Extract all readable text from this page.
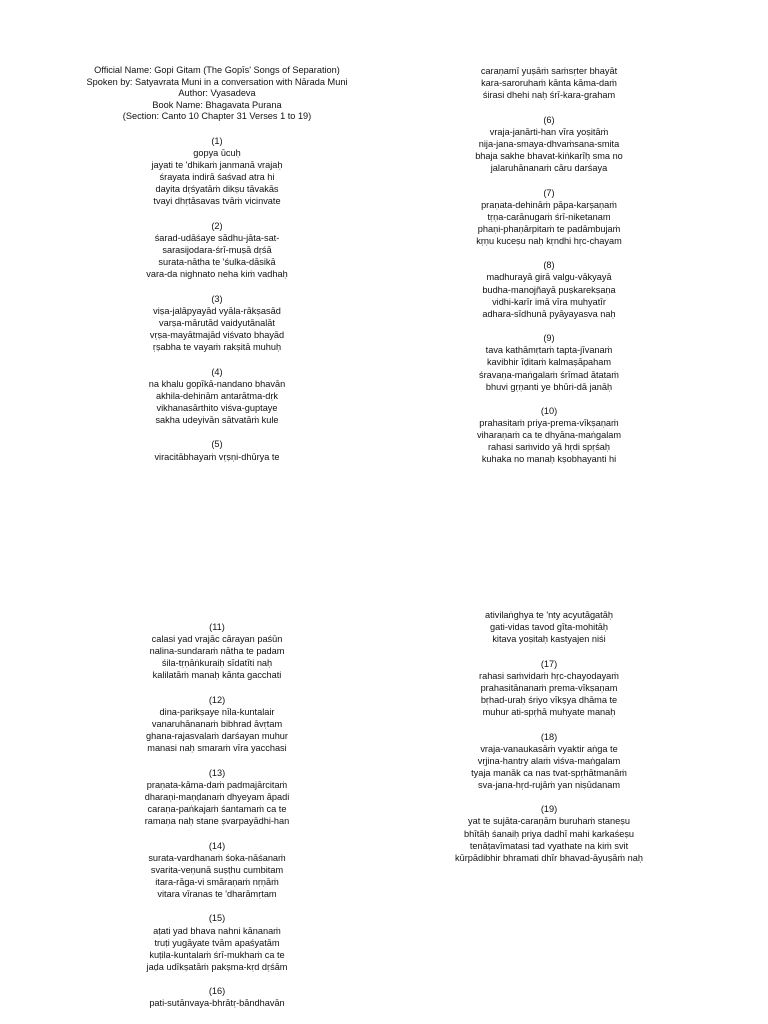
Official Name: Gopi Gitam (The Gopīs' Songs of Separation)
Spoken by: Satyavrata Muni in a conversation with Nārada Muni
Author: Vyasadeva
Book Name: Bhagavata Purana
(Section: Canto 10 Chapter 31 Verses 1 to 19)
(1)
gopya ūcuḥ
jayati te 'dhikaṁ janmanā vrajaḥ
śrayata indirā śaśvad atra hi
dayita dṛśyatāṁ dikṣu tāvakās
tvayi dhṛtāsavas tvāṁ vicinvate
(2)
śarad-udāśaye sādhu-jāta-sat-
sarasijodara-śrī-muṣā dṛśā
surata-nātha te 'śulka-dāsikā
vara-da nighnato neha kiṁ vadhaḥ
(3)
viṣa-jalāpyayād vyāla-rākṣasād
varṣa-mārutād vaidyutānalāt
vṛṣa-mayātmajād viśvato bhayād
ṛṣabha te vayaṁ rakṣitā muhuḥ
(4)
na khalu gopīkā-nandano bhavān
akhila-dehinām antarātma-dṛk
vikhanasārthito viśva-guptaye
sakha udeyivān sātvatāṁ kule
(5)
viracitābhayaṁ vṛṣṇi-dhūrya te
caraṇamī yuṣāṁ saṁsṛter bhayāt
kara-saroruhaṁ kānta kāma-daṁ
śirasi dhehi naḥ śrī-kara-graham
(6)
vraja-janārti-han vīra yoṣitāṁ
nija-jana-smaya-dhvaṁsana-smita
bhaja sakhe bhavat-kiṅkarīḥ sma no
jalaruhānanaṁ cāru darśaya
(7)
praṇata-dehināṁ pāpa-karṣaṇaṁ
tṛṇa-carānugaṁ śrī-niketanam
phaṇi-phaṇārpitaṁ te padāmbujaṁ
kṛṇu kuceṣu naḥ kṛndhi hṛc-chayam
(8)
madhurayā girā valgu-vākyayā
budha-manojñayā puṣkarekṣaṇa
vidhi-karīr imā vīra muhyatīr
adhara-sīdhunā pyāyayasva naḥ
(9)
tava kathāmṛtaṁ tapta-jīvanaṁ
kavibhir īḍitaṁ kalmaṣāpaham
śravaṇa-maṅgalaṁ śrīmad ātataṁ
bhuvi gṛṇanti ye bhūri-dā janāḥ
(10)
prahasitaṁ priya-prema-vīkṣaṇaṁ
viharaṇaṁ ca te dhyāna-maṅgalam
rahasi saṁvido yā hṛdi spṛśaḥ
kuhaka no manaḥ kṣobhayanti hi
(11)
calasi yad vrajāc cārayan paśūn
nalina-sundaraṁ nātha te padam
śila-tṛṇāṅkuraiḥ sīdatīti naḥ
kalilatāṁ manaḥ kānta gacchati
(12)
dina-parikṣaye nīla-kuntalair
vanaruhānanaṁ bibhrad āvṛtam
ghana-rajasvalaṁ darśayan muhur
manasi naḥ smaraṁ vīra yacchasi
(13)
praṇata-kāma-daṁ padmajārcitaṁ
dharaṇi-maṇḍanaṁ dhyeyam āpadi
caraṇa-paṅkajaṁ śantamaṁ ca te
ramaṇa naḥ stane ṣvarpayādhi-han
(14)
surata-vardhanaṁ śoka-nāśanaṁ
svarita-veṇunā suṣṭhu cumbitam
itara-rāga-vi smāraṇaṁ nṛṇāṁ
vitara vīranas te 'dharāmṛtam
(15)
aṭati yad bhava nahni kānanaṁ
truṭi yugāyate tvām apaśyatām
kuṭila-kuntalaṁ śrī-mukhaṁ ca te
jaḍa udīkṣatāṁ pakṣma-kṛd dṛśām
(16)
pati-sutānvaya-bhrātṛ-bāndhavān
ativilaṅghya te 'nty acyutāgatāḥ
gati-vidas tavod gīta-mohitāḥ
kitava yoṣitaḥ kastyajen niśi
(17)
rahasi saṁvidaṁ hṛc-chayodayaṁ
prahasitānanaṁ prema-vīkṣaṇam
bṛhad-uraḥ śriyo vīkṣya dhāma te
muhur ati-spṛhā muhyate manaḥ
(18)
vraja-vanaukasāṁ vyaktir aṅga te
vṛjina-hantry alaṁ viśva-maṅgalam
tyaja manāk ca nas tvat-spṛhātmanāṁ
sva-jana-hṛd-rujāṁ yan niṣūdanam
(19)
yat te sujāta-caraṇām buruhaṁ staneṣu
bhītāḥ śanaiḥ priya dadhī mahi karkaśeṣu
tenāṭavīmatasi tad vyathate na kiṁ svit
kūrpādibhir bhramati dhīr bhavad-āyuṣāṁ naḥ
